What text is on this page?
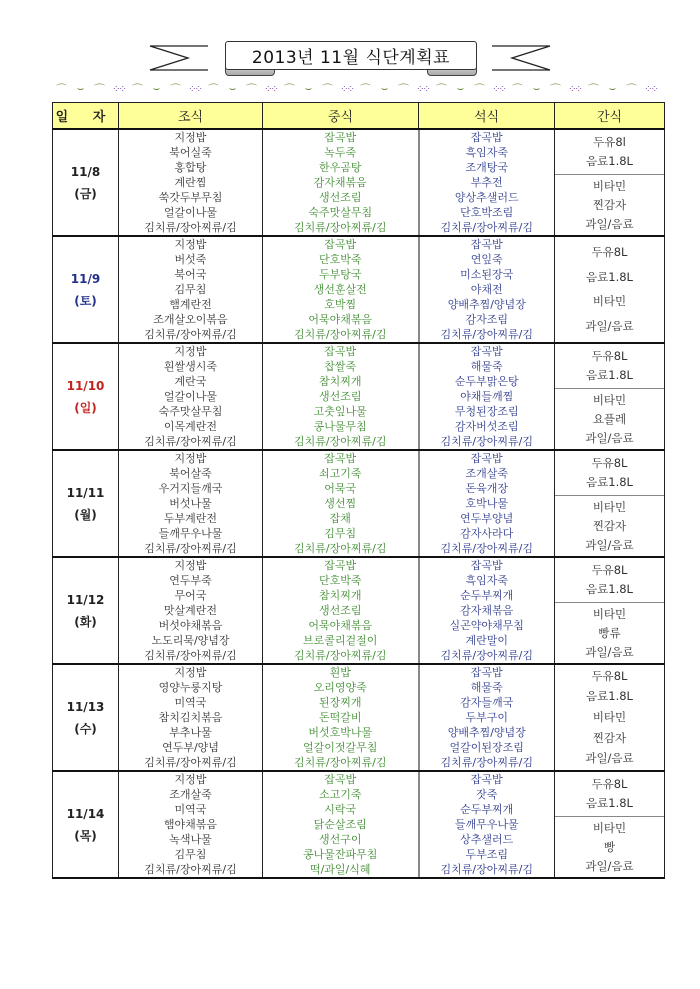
2013년 11월 식단계획표
⌒ ⌣ ⌒ ⁘⁘ ⌒ ⌣ ⌒ ⁘⁘ ⌒ ⌣ ⌒ ⁘⁘ ⌒ ⌣ ⌒ ⁘⁘ ⌒ ⌣ ⌒ ⁘⁘ ⌒ ⌣ ⌒ ⁘⁘ ⌒ ⌣ ⌒ ⁘⁘ ⌒ ⌣ ⌒ ⁘⁘
일 자	조식	중식	석식	간식

11/8
(금)

지정밥
북어실죽
홍합탕
계란찜
쑥갓두부무침
얼갈이나물
김치류/장아찌류/김

잡곡밥
녹두죽
한우곰탕
감자채볶음
생선조림
숙주맛살무침
김치류/장아찌류/김

잡곡밥
흑임자죽
조개탕국
부추전
양상추샐러드
단호박조림
김치류/장아찌류/김

두유8l
음료1.8L
비타민
찐감자
과일/음료

11/9
(토)

지정밥
버섯죽
북어국
김무침
햄계란전
조개살오이볶음
김치류/장아찌류/김

잡곡밥
단호박죽
두부탕국
생선훈살전
호박찜
어묵야채볶음
김치류/장아찌류/김

잡곡밥
연잎죽
미소된장국
야채전
양배추찜/양념장
감자조림
김치류/장아찌류/김

두유8L
음료1.8L
비타민
과일/음료

11/10
(일)

지정밥
흰쌀생시죽
계란국
얼갈이나물
숙주맛살무침
이목계란전
김치류/장아찌류/김

잡곡밥
찹쌀죽
참치찌개
생선조림
고춧잎나물
콩나물무침
김치류/장아찌류/김

잡곡밥
해물죽
순두부맑은탕
야채들깨찜
무청된장조림
감자버섯조림
김치류/장아찌류/김

두유8L
음료1.8L
비타민
요플레
과일/음료

11/11
(월)

지정밥
북어살죽
우거지들깨국
버섯나물
두부계란전
들깨무우나물
김치류/장아찌류/김

잡곡밥
쇠고기죽
어묵국
생선찜
잡채
김무침
김치류/장아찌류/김

잡곡밥
조개살죽
돈육개장
호박나물
연두부양념
감자사라다
김치류/장아찌류/김

두유8L
음료1.8L
비타민
찐감자
과일/음료

11/12
(화)

지정밥
연두부죽
무어국
맛살계란전
버섯야채볶음
노도리묵/양념장
김치류/장아찌류/김

잡곡밥
단호박죽
참치찌개
생선조림
어묵야채볶음
브로콜리겉절이
김치류/장아찌류/김

잡곡밥
흑임자죽
순두부찌개
감자채볶음
실곤약야채무침
계란말이
김치류/장아찌류/김

두유8L
음료1.8L
비타민
빵류
과일/음료

11/13
(수)

지정밥
영양누룽지탕
미역국
참치김치볶음
부추나물
연두부/양념
김치류/장아찌류/김

흰밥
오리영양죽
된장찌개
돈떡갈비
버섯호박나물
얼갈이젓갈무침
김치류/장아찌류/김

잡곡밥
해물죽
감자들깨국
두부구이
양배추찜/양념장
얼갈이된장조림
김치류/장아찌류/김

두유8L
음료1.8L
비타민
찐감자
과일/음료

11/14
(목)

지정밥
조개살죽
미역국
햄야채볶음
녹색나물
김무침
김치류/장아찌류/김

잡곡밥
소고기죽
시락국
닭순살조림
생선구이
콩나물잔파무침
떡/과일/식혜

잡곡밥
잣죽
순두부찌개
들깨무우나물
상추샐러드
두부조림
김치류/장아찌류/김

두유8L
음료1.8L
비타민
빵
과일/음료
